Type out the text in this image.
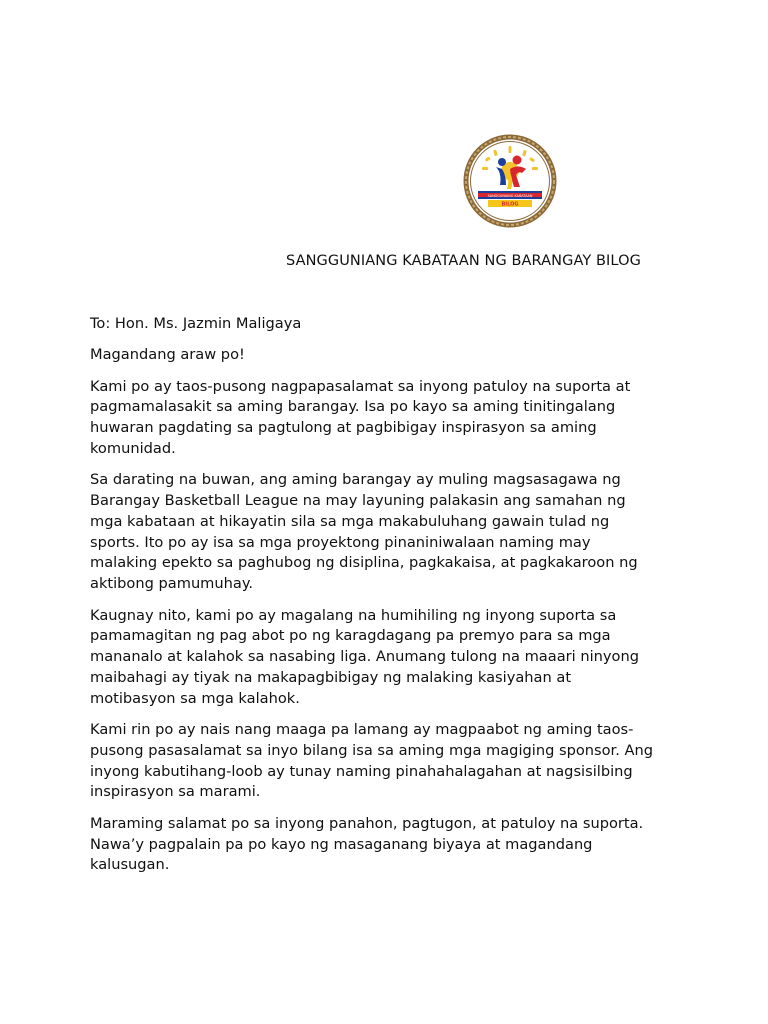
SANGGUNIANG KABATAAN
BILOG
SANGGUNIANG KABATAAN NG BARANGAY BILOG

To: Hon. Ms. Jazmin Maligaya

Magandang araw po!

Kami po ay taos-pusong nagpapasalamat sa inyong patuloy na suporta at
pagmamalasakit sa aming barangay. Isa po kayo sa aming tinitingalang
huwaran pagdating sa pagtulong at pagbibigay inspirasyon sa aming
komunidad.

Sa darating na buwan, ang aming barangay ay muling magsasagawa ng
Barangay Basketball League na may layuning palakasin ang samahan ng
mga kabataan at hikayatin sila sa mga makabuluhang gawain tulad ng
sports. Ito po ay isa sa mga proyektong pinaniniwalaan naming may
malaking epekto sa paghubog ng disiplina, pagkakaisa, at pagkakaroon ng
aktibong pamumuhay.

Kaugnay nito, kami po ay magalang na humihiling ng inyong suporta sa
pamamagitan ng pag abot po ng karagdagang pa premyo para sa mga
mananalo at kalahok sa nasabing liga. Anumang tulong na maaari ninyong
maibahagi ay tiyak na makapagbibigay ng malaking kasiyahan at
motibasyon sa mga kalahok.

Kami rin po ay nais nang maaga pa lamang ay magpaabot ng aming taos-
pusong pasasalamat sa inyo bilang isa sa aming mga magiging sponsor. Ang
inyong kabutihang-loob ay tunay naming pinahahalagahan at nagsisilbing
inspirasyon sa marami.

Maraming salamat po sa inyong panahon, pagtugon, at patuloy na suporta.
Nawa’y pagpalain pa po kayo ng masaganang biyaya at magandang
kalusugan.
